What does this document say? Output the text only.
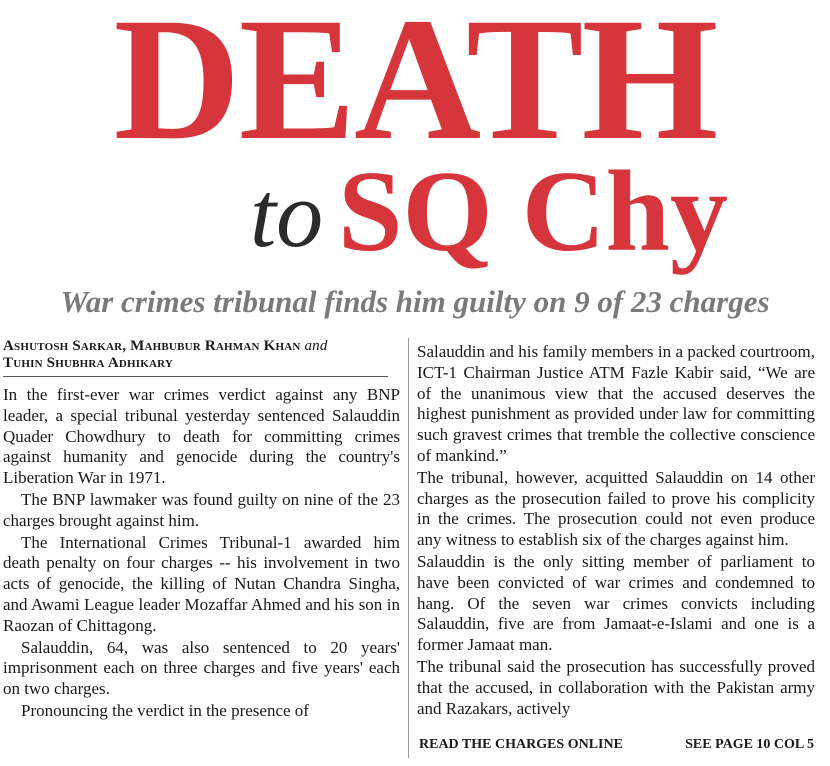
DEATH
to SQ Chy
War crimes tribunal finds him guilty on 9 of 23 charges
Ashutosh Sarkar, Mahbubur Rahman Khan and
Tuhin Shubhra Adhikary

In the first-ever war crimes verdict against any BNP leader, a special tribunal yesterday sentenced Salauddin Quader Chowdhury to death for committing crimes against humanity and genocide during the country's Liberation War in 1971.

The BNP lawmaker was found guilty on nine of the 23 charges brought against him.

The International Crimes Tribunal-1 awarded him death penalty on four charges -- his involvement in two acts of genocide, the killing of Nutan Chandra Singha, and Awami League leader Mozaffar Ahmed and his son in Raozan of Chittagong.

Salauddin, 64, was also sentenced to 20 years' imprisonment each on three charges and five years' each on two charges.

Pronouncing the verdict in the presence of

Salauddin and his family members in a packed courtroom, ICT-1 Chairman Justice ATM Fazle Kabir said, “We are of the unanimous view that the accused deserves the highest punishment as provided under law for committing such gravest crimes that tremble the collective conscience of mankind.”

The tribunal, however, acquitted Salauddin on 14 other charges as the prosecution failed to prove his complicity in the crimes. The prosecution could not even produce any witness to establish six of the charges against him.

Salauddin is the only sitting member of parliament to have been convicted of war crimes and condemned to hang. Of the seven war crimes convicts including Salauddin, five are from Jamaat-e-Islami and one is a former Jamaat man.

The tribunal said the prosecution has successfully proved that the accused, in collaboration with the Pakistan army and Razakars, actively

READ THE CHARGES ONLINE	SEE PAGE 10 COL 5
